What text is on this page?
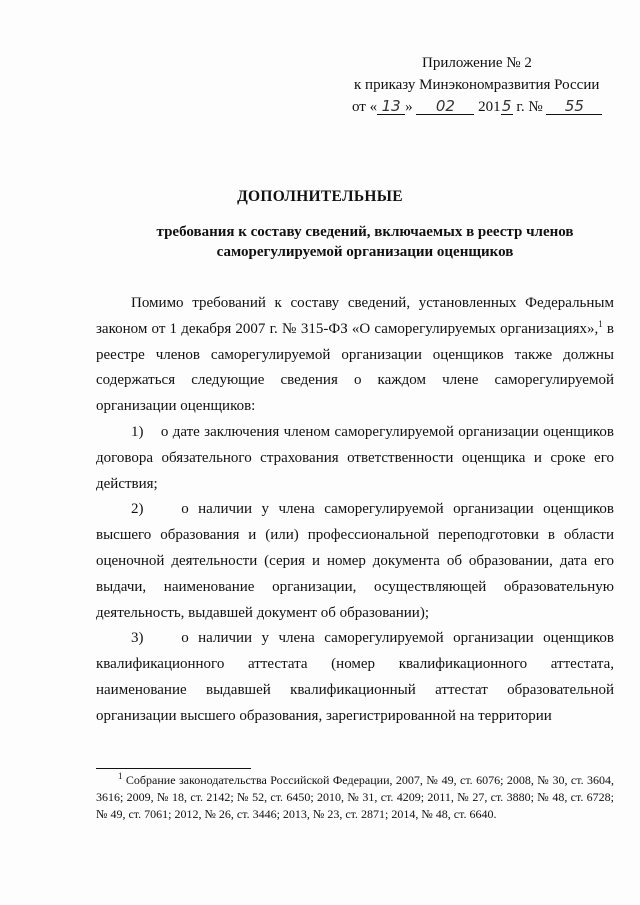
Приложение № 2
к приказу Минэкономразвития России
от « 13 » 02 2015 г. № 55
ДОПОЛНИТЕЛЬНЫЕ
требования к составу сведений, включаемых в реестр членов саморегулируемой организации оценщиков

Помимо требований к составу сведений, установленных Федеральным законом от 1 декабря 2007 г. № 315-ФЗ «О саморегулируемых организациях»,$^1$ в реестре членов саморегулируемой организации оценщиков также должны содержаться следующие сведения о каждом члене саморегулируемой организации оценщиков:

1)    о дате заключения членом саморегулируемой организации оценщиков договора обязательного страхования ответственности оценщика и сроке его действия;

2)    о наличии у члена саморегулируемой организации оценщиков высшего образования и (или) профессиональной переподготовки в области оценочной деятельности (серия и номер документа об образовании, дата его выдачи, наименование организации, осуществляющей образовательную деятельность, выдавшей документ об образовании);

3)    о наличии у члена саморегулируемой организации оценщиков квалификационного аттестата (номер квалификационного аттестата, наименование выдавшей квалификационный аттестат образовательной организации высшего образования, зарегистрированной на территории

$^1$ Собрание законодательства Российской Федерации, 2007, № 49, ст. 6076; 2008, № 30, ст. 3604, 3616; 2009, № 18, ст. 2142; № 52, ст. 6450; 2010, № 31, ст. 4209; 2011, № 27, ст. 3880; № 48, ст. 6728; № 49, ст. 7061; 2012, № 26, ст. 3446; 2013, № 23, ст. 2871; 2014, № 48, ст. 6640.
